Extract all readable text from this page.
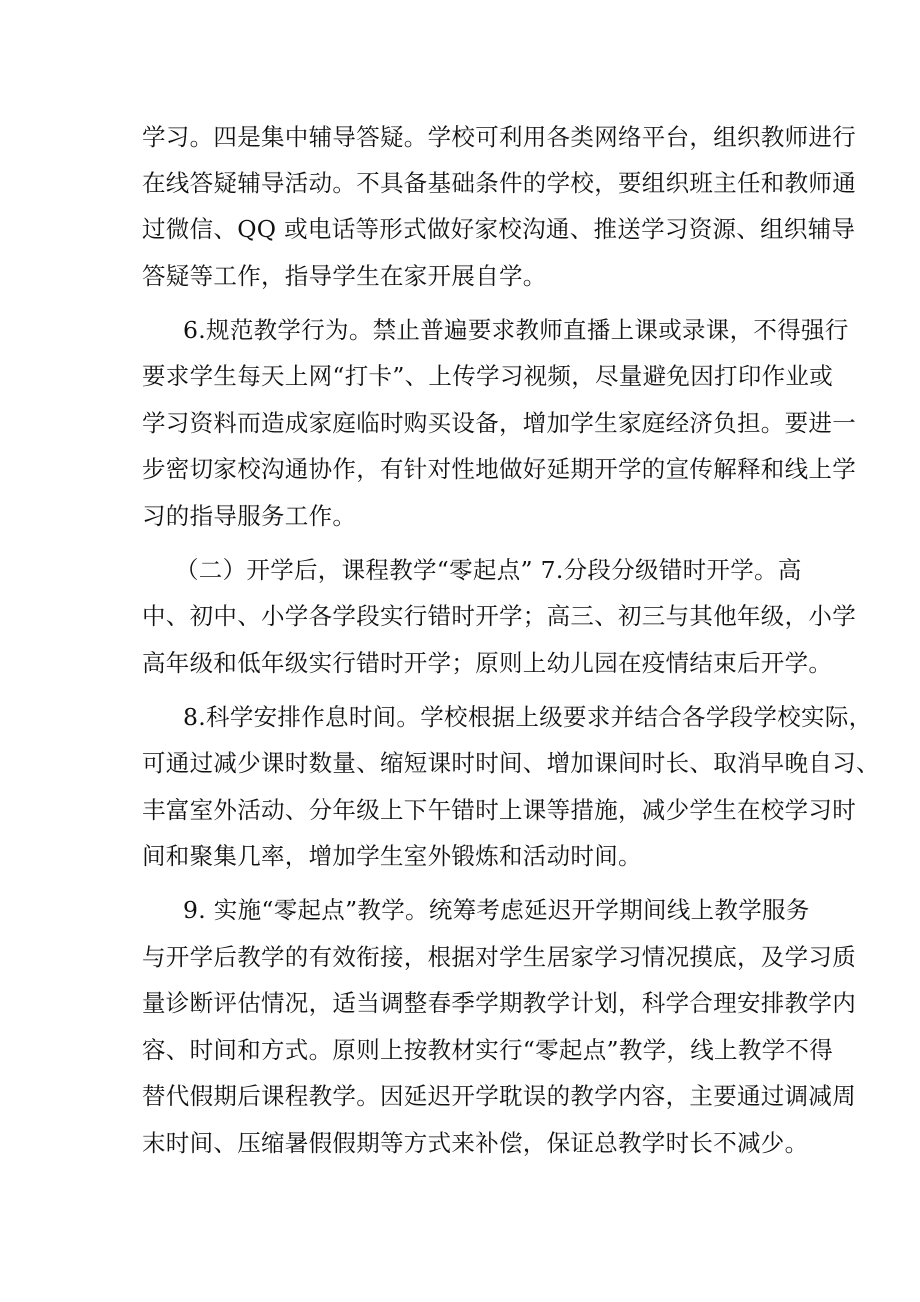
学习。四是集中辅导答疑。学校可利用各类网络平台，组织教师进行
在线答疑辅导活动。不具备基础条件的学校，要组织班主任和教师通
过微信、QQ 或电话等形式做好家校沟通、推送学习资源、组织辅导
答疑等工作，指导学生在家开展自学。
6.规范教学行为。禁止普遍要求教师直播上课或录课，不得强行
要求学生每天上网“打卡”、上传学习视频，尽量避免因打印作业或
学习资料而造成家庭临时购买设备，增加学生家庭经济负担。要进一
步密切家校沟通协作，有针对性地做好延期开学的宣传解释和线上学
习的指导服务工作。
（二）开学后，课程教学“零起点” 7.分段分级错时开学。高
中、初中、小学各学段实行错时开学；高三、初三与其他年级，小学
高年级和低年级实行错时开学；原则上幼儿园在疫情结束后开学。
8.科学安排作息时间。学校根据上级要求并结合各学段学校实际，
可通过减少课时数量、缩短课时时间、增加课间时长、取消早晚自习、
丰富室外活动、分年级上下午错时上课等措施，减少学生在校学习时
间和聚集几率，增加学生室外锻炼和活动时间。
9. 实施“零起点”教学。统筹考虑延迟开学期间线上教学服务
与开学后教学的有效衔接，根据对学生居家学习情况摸底，及学习质
量诊断评估情况，适当调整春季学期教学计划，科学合理安排教学内
容、时间和方式。原则上按教材实行“零起点”教学，线上教学不得
替代假期后课程教学。因延迟开学耽误的教学内容，主要通过调减周
末时间、压缩暑假假期等方式来补偿，保证总教学时长不减少。
